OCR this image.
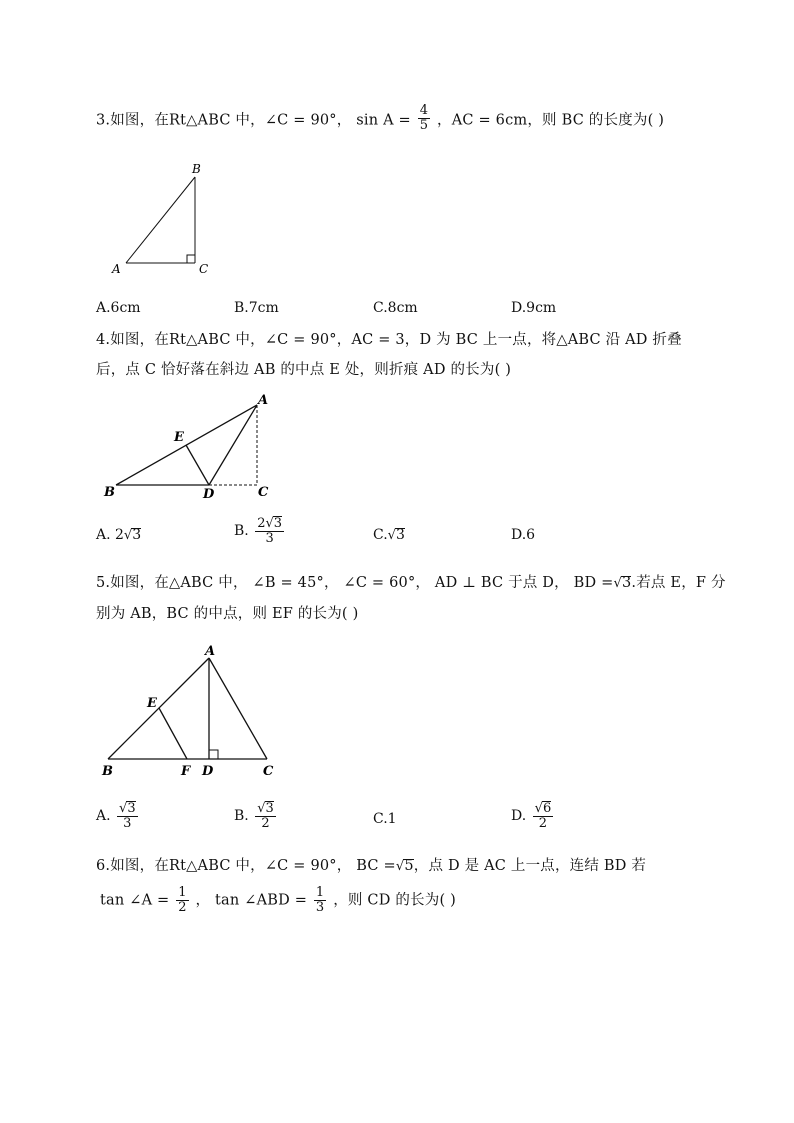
3.如图，在Rt△ABC 中，∠C = 90°， $\sin A = \frac{4}{5}$ ，AC = 6cm，则 BC 的长度为( )
B
A	C
A.6cm	B.7cm	C.8cm	D.9cm
4.如图，在Rt△ABC 中，∠C = 90°，AC = 3，D 为 BC 上一点，将△ABC 沿 AD 折叠
后，点 C 恰好落在斜边 AB 的中点 E 处，则折痕 AD 的长为( )
A
E
B	D	C
A. 2√3	B. $\frac{2√3}{3}$	C.√3	D.6
5.如图，在△ABC 中， ∠B = 45°， ∠C = 60°， AD ⊥ BC 于点 D， BD =√3.若点 E，F 分
别为 AB，BC 的中点，则 EF 的长为( )
A
E
B	F D	C
A. $\frac{√3}{3}$	B. $\frac{√3}{2}$	C.1	D. $\frac{√6}{2}$
6.如图，在Rt△ABC 中，∠C = 90°， BC =√5，点 D 是 AC 上一点，连结 BD 若
tan ∠A = $\frac{1}{2}$ ， tan ∠ABD = $\frac{1}{3}$ ，则 CD 的长为( )
